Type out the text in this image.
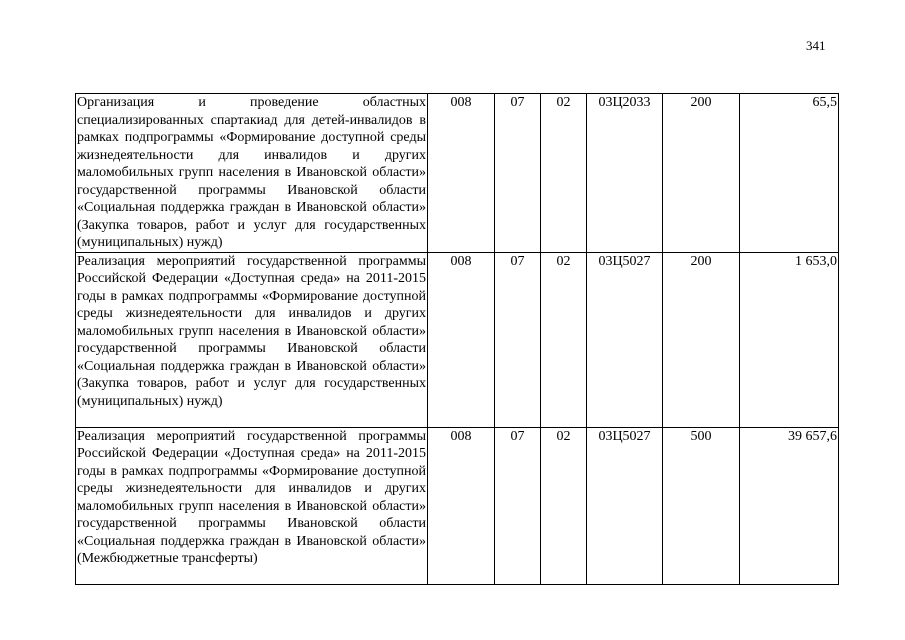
341
Организация и проведение областных специализированных спартакиад для детей-инвалидов в рамках подпрограммы «Формирование доступной среды жизнедеятельности для инвалидов и других маломобильных групп населения в Ивановской области» государственной программы Ивановской области «Социальная поддержка граждан в Ивановской области» (Закупка товаров, работ и услуг для государственных (муниципальных) нужд)	008	07	02	03Ц2033	200	65,5
Реализация мероприятий государственной программы Российской Федерации «Доступная среда» на 2011-2015 годы в рамках подпрограммы «Формирование доступной среды жизнедеятельности для инвалидов и других маломобильных групп населения в Ивановской области» государственной программы Ивановской области «Социальная поддержка граждан в Ивановской области» (Закупка товаров, работ и услуг для государственных (муниципальных) нужд)	008	07	02	03Ц5027	200	1 653,0
Реализация мероприятий государственной программы Российской Федерации «Доступная среда» на 2011-2015 годы в рамках подпрограммы «Формирование доступной среды жизнедеятельности для инвалидов и других маломобильных групп населения в Ивановской области» государственной программы Ивановской области «Социальная поддержка граждан в Ивановской области» (Межбюджетные трансферты)	008	07	02	03Ц5027	500	39 657,6
